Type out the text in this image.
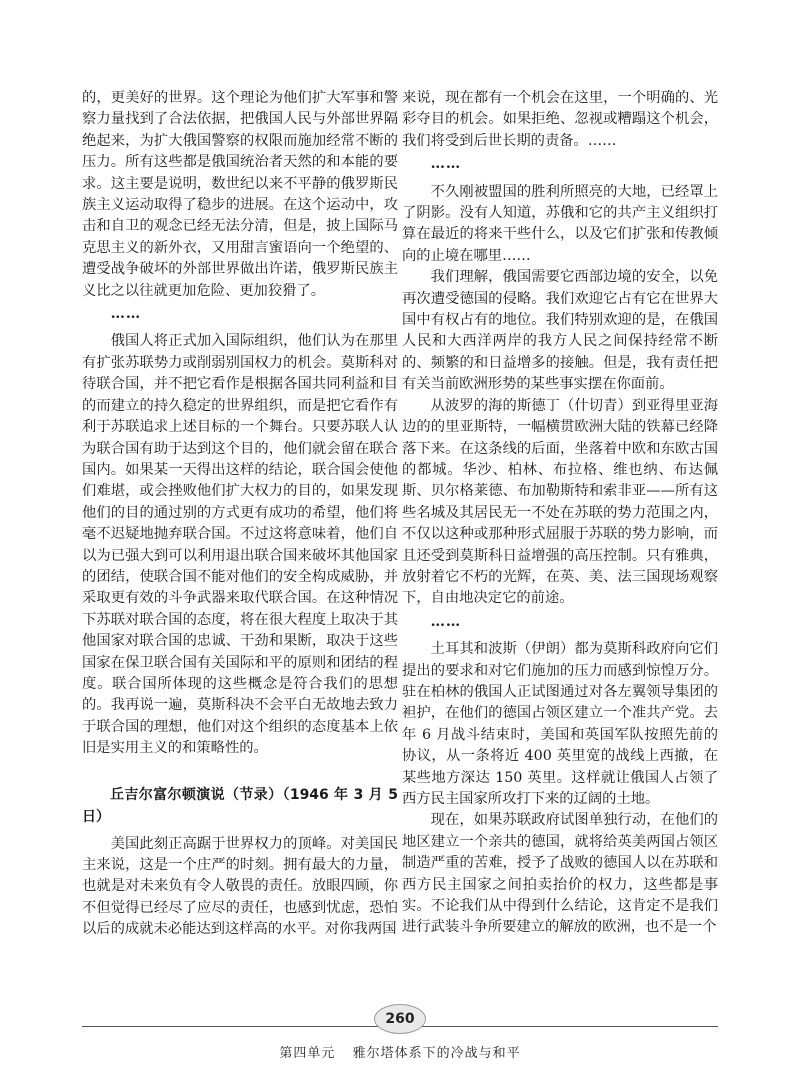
的，更美好的世界。这个理论为他们扩大军事和警察力量找到了合法依据，把俄国人民与外部世界隔绝起来，为扩大俄国警察的权限而施加经常不断的压力。所有这些都是俄国统治者天然的和本能的要求。这主要是说明，数世纪以来不平静的俄罗斯民族主义运动取得了稳步的进展。在这个运动中，攻击和自卫的观念已经无法分清，但是，披上国际马克思主义的新外衣，又用甜言蜜语向一个绝望的、遭受战争破坏的外部世界做出许诺，俄罗斯民族主义比之以往就更加危险、更加狡猾了。

……

俄国人将正式加入国际组织，他们认为在那里有扩张苏联势力或削弱别国权力的机会。莫斯科对待联合国，并不把它看作是根据各国共同利益和目的而建立的持久稳定的世界组织，而是把它看作有利于苏联追求上述目标的一个舞台。只要苏联人认为联合国有助于达到这个目的，他们就会留在联合国内。如果某一天得出这样的结论，联合国会使他们难堪，或会挫败他们扩大权力的目的，如果发现他们的目的通过别的方式更有成功的希望，他们将毫不迟疑地抛弃联合国。不过这将意味着，他们自以为已强大到可以利用退出联合国来破坏其他国家的团结，使联合国不能对他们的安全构成威胁，并采取更有效的斗争武器来取代联合国。在这种情况下苏联对联合国的态度，将在很大程度上取决于其他国家对联合国的忠诚、干劲和果断，取决于这些国家在保卫联合国有关国际和平的原则和团结的程度。联合国所体现的这些概念是符合我们的思想的。我再说一遍，莫斯科决不会平白无故地去致力于联合国的理想，他们对这个组织的态度基本上依旧是实用主义的和策略性的。

丘吉尔富尔顿演说（节录）（1946 年 3 月 5 日）

美国此刻正高踞于世界权力的顶峰。对美国民主来说，这是一个庄严的时刻。拥有最大的力量，也就是对未来负有令人敬畏的责任。放眼四顾，你不但觉得已经尽了应尽的责任，也感到忧虑，恐怕以后的成就未必能达到这样高的水平。对你我两国

来说，现在都有一个机会在这里，一个明确的、光彩夺目的机会。如果拒绝、忽视或糟蹋这个机会，我们将受到后世长期的责备。……

……

不久刚被盟国的胜利所照亮的大地，已经罩上了阴影。没有人知道，苏俄和它的共产主义组织打算在最近的将来干些什么，以及它们扩张和传教倾向的止境在哪里……

我们理解，俄国需要它西部边境的安全，以免再次遭受德国的侵略。我们欢迎它占有它在世界大国中有权占有的地位。我们特别欢迎的是，在俄国人民和大西洋两岸的我方人民之间保持经常不断的、频繁的和日益增多的接触。但是，我有责任把有关当前欧洲形势的某些事实摆在你面前。

从波罗的海的斯德丁（什切青）到亚得里亚海边的的里亚斯特，一幅横贯欧洲大陆的铁幕已经降落下来。在这条线的后面，坐落着中欧和东欧古国的都城。华沙、柏林、布拉格、维也纳、布达佩斯、贝尔格莱德、布加勒斯特和索非亚——所有这些名城及其居民无一不处在苏联的势力范围之内，不仅以这种或那种形式屈服于苏联的势力影响，而且还受到莫斯科日益增强的高压控制。只有雅典，放射着它不朽的光辉，在英、美、法三国现场观察下，自由地决定它的前途。

……

土耳其和波斯（伊朗）都为莫斯科政府向它们提出的要求和对它们施加的压力而感到惊惶万分。驻在柏林的俄国人正试图通过对各左翼领导集团的袒护，在他们的德国占领区建立一个准共产党。去年 6 月战斗结束时，美国和英国军队按照先前的协议，从一条将近 400 英里宽的战线上西撤，在某些地方深达 150 英里。这样就让俄国人占领了西方民主国家所攻打下来的辽阔的土地。

现在，如果苏联政府试图单独行动，在他们的地区建立一个亲共的德国，就将给英美两国占领区制造严重的苦难，授予了战败的德国人以在苏联和西方民主国家之间拍卖抬价的权力，这些都是事实。不论我们从中得到什么结论，这肯定不是我们进行武装斗争所要建立的解放的欧洲，也不是一个

260
第四单元 雅尔塔体系下的冷战与和平
